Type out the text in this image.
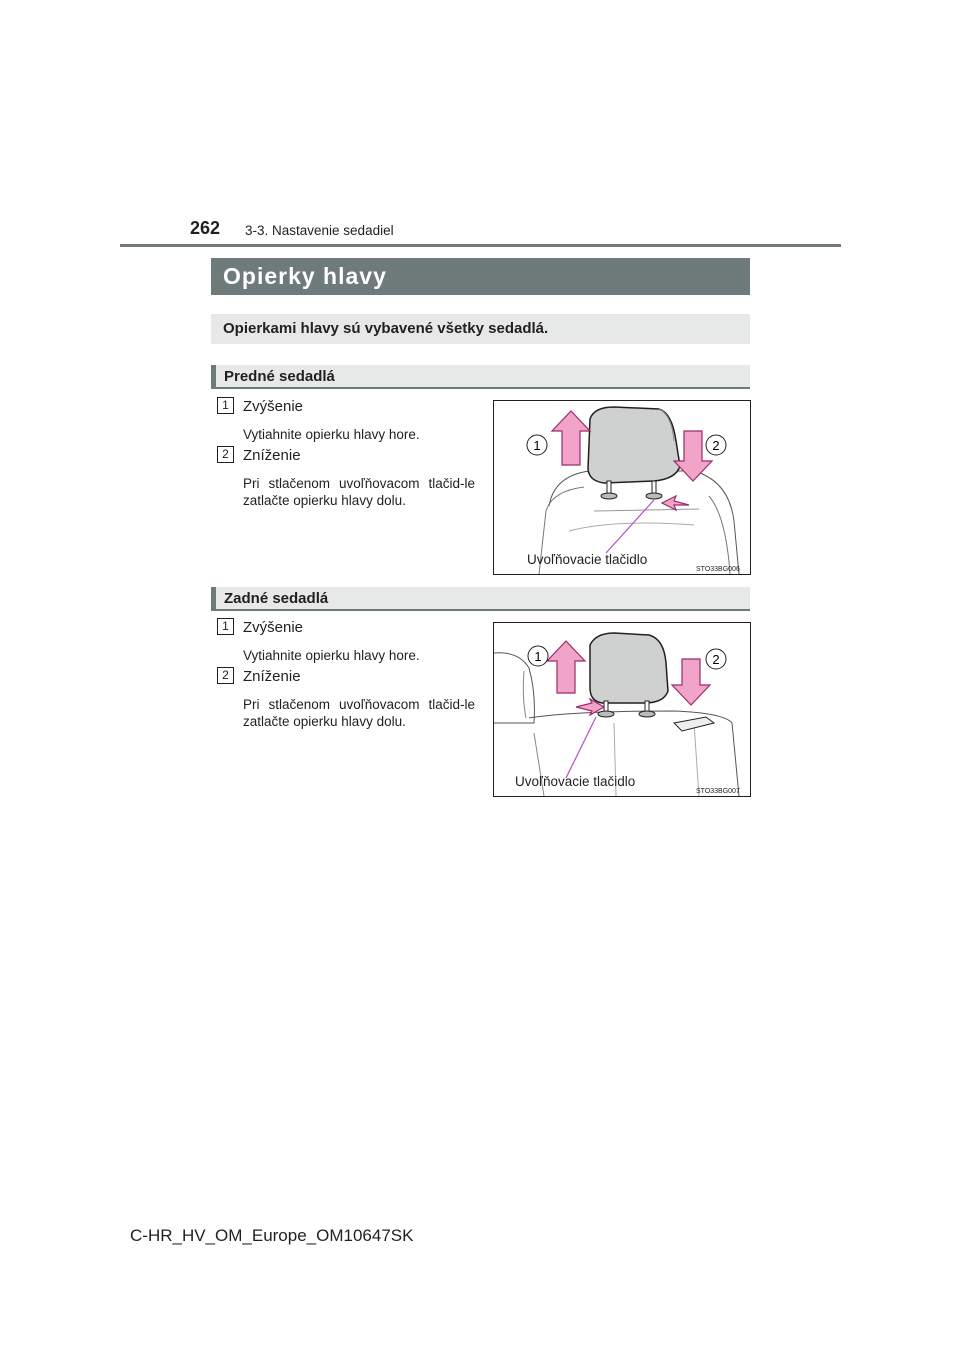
262 3-3. Nastavenie sedadiel
Opierky hlavy
Opierkami hlavy sú vybavené všetky sedadlá.
Predné sedadlá
1 Zvýšenie
Vytiahnite opierku hlavy hore.
2 Zníženie
Pri stlačenom uvoľňovacom tlačid-le zatlačte opierku hlavy dolu.
1	2
Uvoľňovacie tlačidlo
STO33BG006
Zadné sedadlá
1 Zvýšenie
Vytiahnite opierku hlavy hore.
2 Zníženie
Pri stlačenom uvoľňovacom tlačid-le zatlačte opierku hlavy dolu.
1	2
Uvoľňovacie tlačidlo
STO33BG007
C-HR_HV_OM_Europe_OM10647SK
